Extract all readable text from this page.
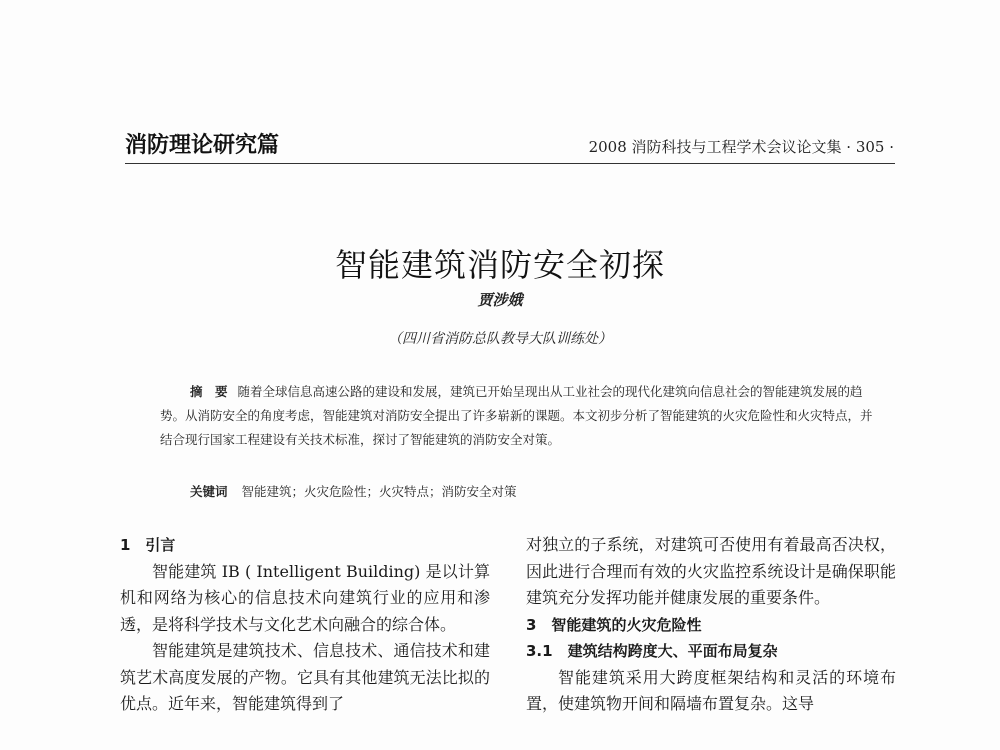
消防理论研究篇	2008 消防科技与工程学术会议论文集 · 305 ·
智能建筑消防安全初探
贾涉娥
（四川省消防总队教导大队训练处）
摘　要 随着全球信息高速公路的建设和发展，建筑已开始呈现出从工业社会的现代化建筑向信息社会的智能建筑发展的趋势。从消防安全的角度考虑，智能建筑对消防安全提出了许多崭新的课题。本文初步分析了智能建筑的火灾危险性和火灾特点，并结合现行国家工程建设有关技术标准，探讨了智能建筑的消防安全对策。
关键词 智能建筑；火灾危险性；火灾特点；消防安全对策

1　引言

智能建筑 IB ( Intelligent Building) 是以计算机和网络为核心的信息技术向建筑行业的应用和渗透，是将科学技术与文化艺术向融合的综合体。

智能建筑是建筑技术、信息技术、通信技术和建筑艺术高度发展的产物。它具有其他建筑无法比拟的优点。近年来，智能建筑得到了

对独立的子系统，对建筑可否使用有着最高否决权，因此进行合理而有效的火灾监控系统设计是确保职能建筑充分发挥功能并健康发展的重要条件。

3　智能建筑的火灾危险性

3.1　建筑结构跨度大、平面布局复杂

智能建筑采用大跨度框架结构和灵活的环境布置，使建筑物开间和隔墙布置复杂。这导
